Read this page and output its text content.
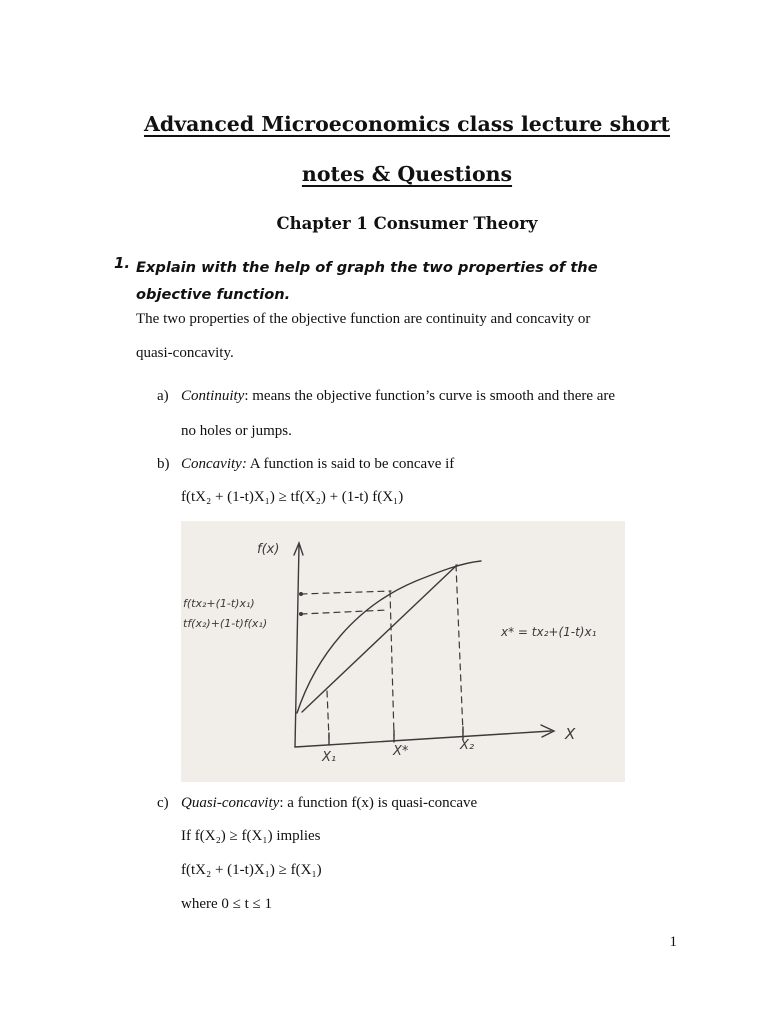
Advanced Microeconomics class lecture short
notes & Questions
Chapter 1 Consumer Theory
1. Explain with the help of graph the two properties of the objective function.
The two properties of the objective function are continuity and concavity or
quasi-concavity.
a) Continuity: means the objective function’s curve is smooth and there are
no holes or jumps.
b) Concavity: A function is said to be concave if
f(tX₂ + (1-t)X₁) ≥ tf(X₂) + (1-t) f(X₁)
f(x)
X
f(tx₂+(1-t)x₁)
tf(x₂)+(1-t)f(x₁)
X₁	X*	X₂
x* = tx₂+(1-t)x₁
c) Quasi-concavity: a function f(x) is quasi-concave
If f(X₂) ≥ f(X₁) implies
f(tX₂ + (1-t)X₁) ≥ f(X₁)
where 0 ≤ t ≤ 1
1
